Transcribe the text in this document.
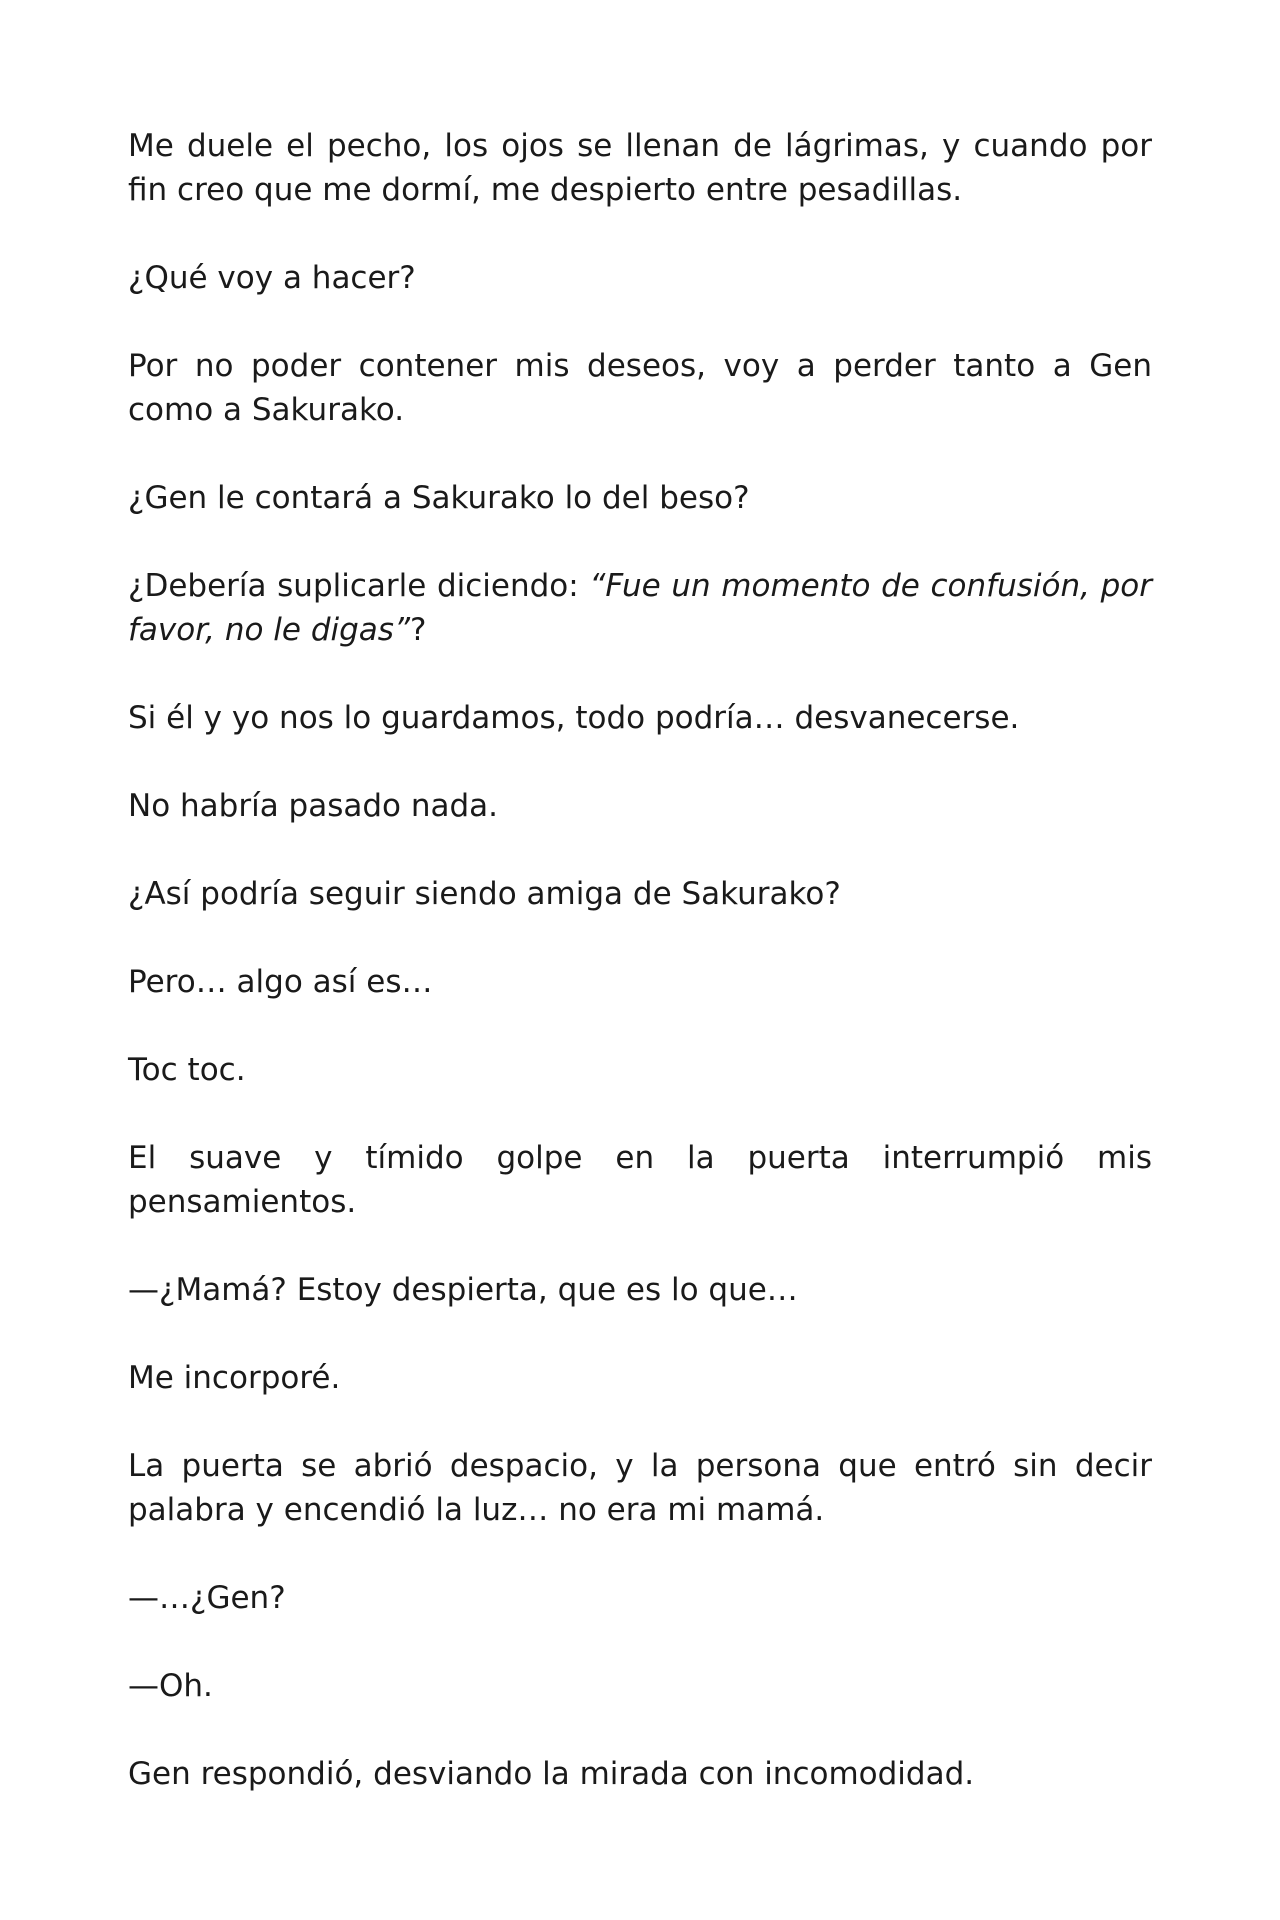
Me duele el pecho, los ojos se llenan de lágrimas, y cuando por fin creo que me dormí, me despierto entre pesadillas.

¿Qué voy a hacer?

Por no poder contener mis deseos, voy a perder tanto a Gen como a Sakurako.

¿Gen le contará a Sakurako lo del beso?

¿Debería suplicarle diciendo: “Fue un momento de confusión, por favor, no le digas”?

Si él y yo nos lo guardamos, todo podría… desvanecerse.

No habría pasado nada.

¿Así podría seguir siendo amiga de Sakurako?

Pero… algo así es…

Toc toc.

El suave y tímido golpe en la puerta interrumpió mis pensamientos.

—¿Mamá? Estoy despierta, que es lo que…

Me incorporé.

La puerta se abrió despacio, y la persona que entró sin decir palabra y encendió la luz… no era mi mamá.

—…¿Gen?

—Oh.

Gen respondió, desviando la mirada con incomodidad.
